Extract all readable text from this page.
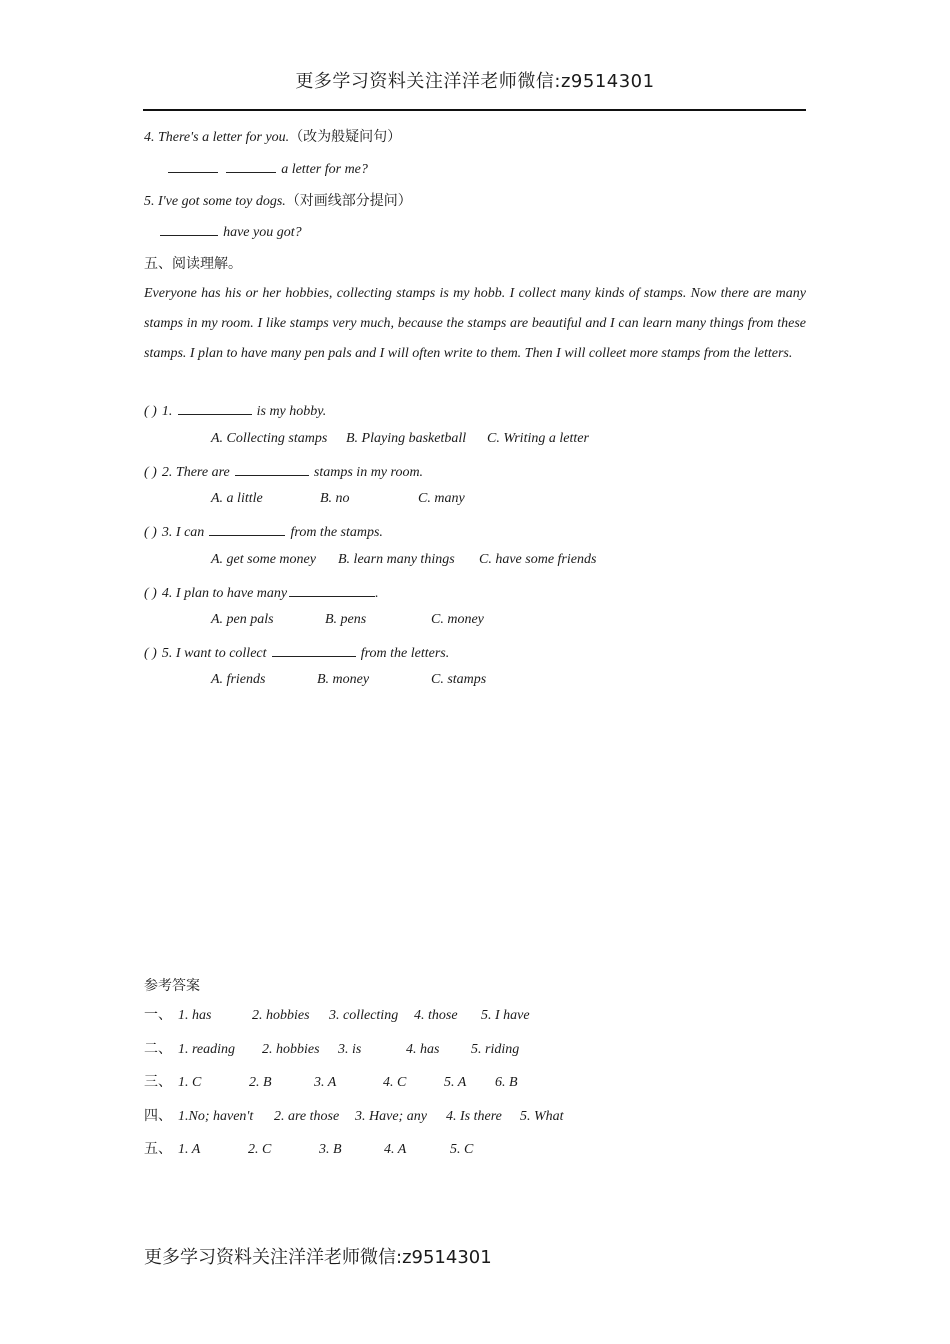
更多学习资料关注洋洋老师微信:z9514301
4. There's a letter for you.（改为般疑问句）
a letter for me?
5. I've got some toy dogs.（对画线部分提问）
have you got?
五、阅读理解。
Everyone has his or her hobbies, collecting stamps is my hobb. I collect many kinds of stamps. Now there are many stamps in my room. I like stamps very much, because the stamps are beautiful and I can learn many things from these stamps. I plan to have many pen pals and I will often write to them. Then I will colleet more stamps from the letters.
( ) 1.	is my hobby.
A. Collecting stamps B. Playing basketball C. Writing a letter
( ) 2. There are	stamps in my room.
A. a little	B. no	C. many
( ) 3. I can	from the stamps.
A. get some money B. learn many things C. have some friends
( ) 4. I plan to have many	.
A. pen pals	B. pens	C. money
( ) 5. I want to collect	from the letters.
A. friends	B. money	C. stamps
参考答案
一、 1. has	2. hobbies 3. collecting 4. those 5. I have
二、 1. reading 2. hobbies 3. is	4. has 5. riding
三、 1. C	2. B	3. A	4. C	5. A 6. B
四、 1.No; haven't 2. are those 3. Have; any 4. Is there 5. What
五、 1. A	2. C	3. B	4. A	5. C
更多学习资料关注洋洋老师微信:z9514301
